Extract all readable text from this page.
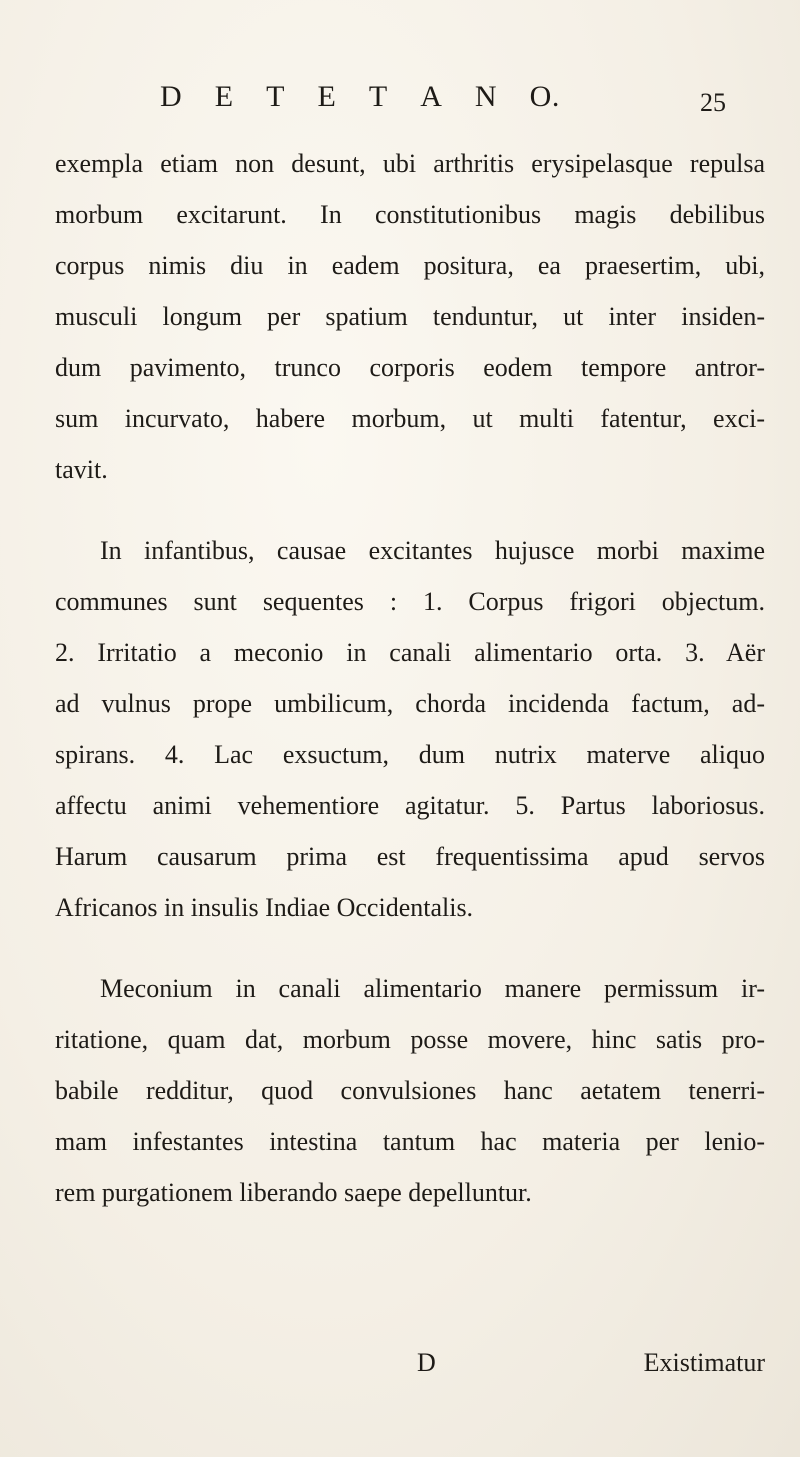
D E T E T A N O.	25
exempla etiam non desunt, ubi arthritis erysipelasque repulsa
morbum excitarunt. In constitutionibus magis debilibus
corpus nimis diu in eadem positura, ea praesertim, ubi,
musculi longum per spatium tenduntur, ut inter insiden-
dum pavimento, trunco corporis eodem tempore antror-
sum incurvato, habere morbum, ut multi fatentur, exci-
tavit.
In infantibus, causae excitantes hujusce morbi maxime
communes sunt sequentes : 1. Corpus frigori objectum.
2. Irritatio a meconio in canali alimentario orta. 3. Aër
ad vulnus prope umbilicum, chorda incidenda factum, ad-
spirans. 4. Lac exsuctum, dum nutrix materve aliquo
affectu animi vehementiore agitatur. 5. Partus laboriosus.
Harum causarum prima est frequentissima apud servos
Africanos in insulis Indiae Occidentalis.
Meconium in canali alimentario manere permissum ir-
ritatione, quam dat, morbum posse movere, hinc satis pro-
babile redditur, quod convulsiones hanc aetatem tenerri-
mam infestantes intestina tantum hac materia per lenio-
rem purgationem liberando saepe depelluntur.
D	Existimatur
